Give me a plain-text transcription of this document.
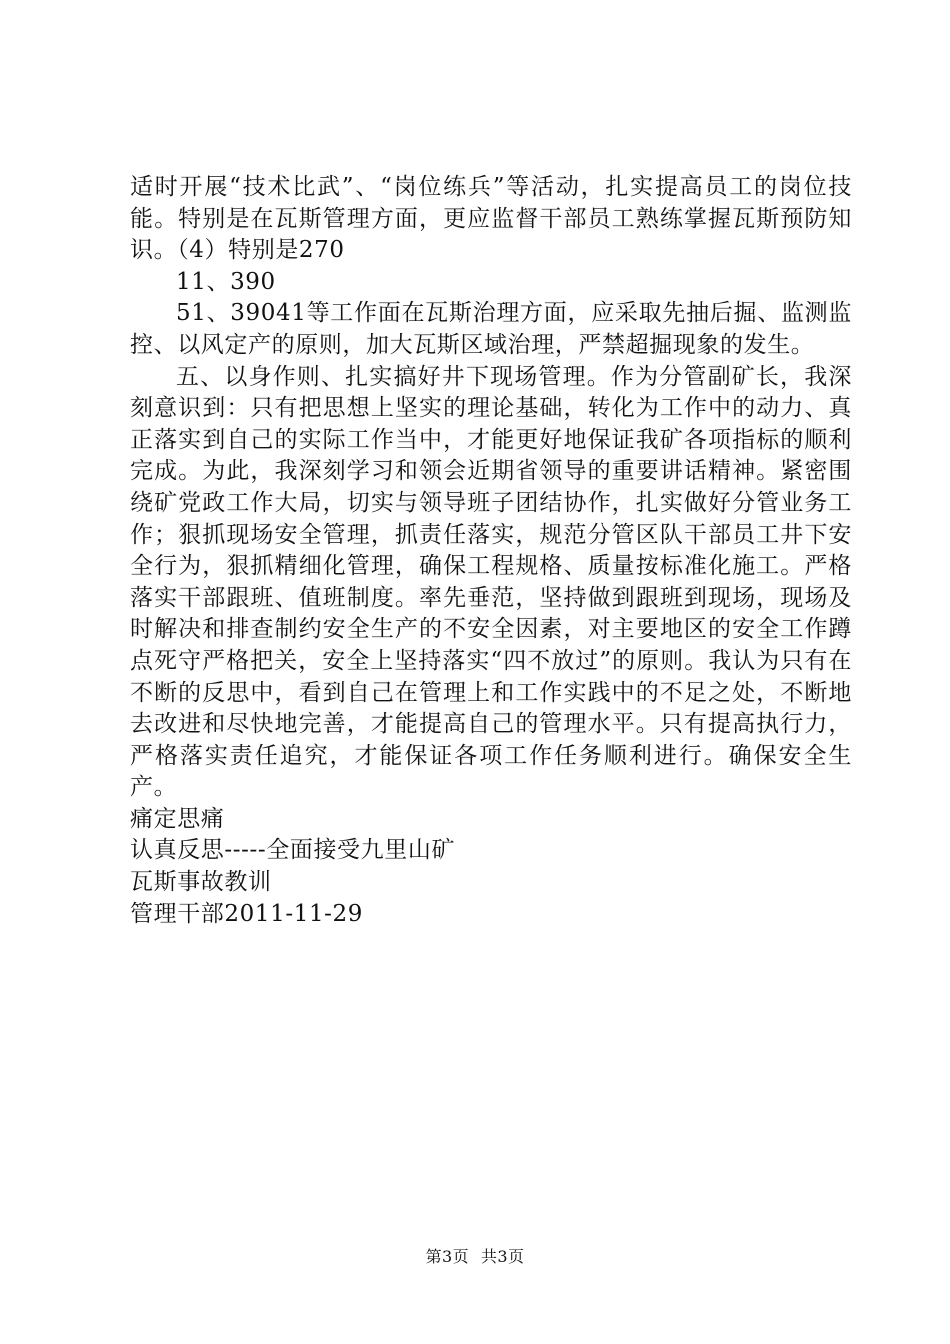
适时开展“技术比武”、“岗位练兵”等活动，扎实提高员工的岗位技能。特别是在瓦斯管理方面，更应监督干部员工熟练掌握瓦斯预防知识。（4）特别是270

11、390

51、39041等工作面在瓦斯治理方面，应采取先抽后掘、监测监控、以风定产的原则，加大瓦斯区域治理，严禁超掘现象的发生。

五、以身作则、扎实搞好井下现场管理。作为分管副矿长，我深刻意识到：只有把思想上坚实的理论基础，转化为工作中的动力、真正落实到自己的实际工作当中，才能更好地保证我矿各项指标的顺利完成。为此，我深刻学习和领会近期省领导的重要讲话精神。紧密围绕矿党政工作大局，切实与领导班子团结协作，扎实做好分管业务工作；狠抓现场安全管理，抓责任落实，规范分管区队干部员工井下安全行为，狠抓精细化管理，确保工程规格、质量按标准化施工。严格落实干部跟班、值班制度。率先垂范，坚持做到跟班到现场，现场及时解决和排查制约安全生产的不安全因素，对主要地区的安全工作蹲点死守严格把关，安全上坚持落实“四不放过”的原则。我认为只有在不断的反思中，看到自己在管理上和工作实践中的不足之处，不断地去改进和尽快地完善，才能提高自己的管理水平。只有提高执行力，严格落实责任追究，才能保证各项工作任务顺利进行。确保安全生产。

痛定思痛

认真反思-----全面接受九里山矿

瓦斯事故教训

管理干部2011-11-29

第3页 共3页
